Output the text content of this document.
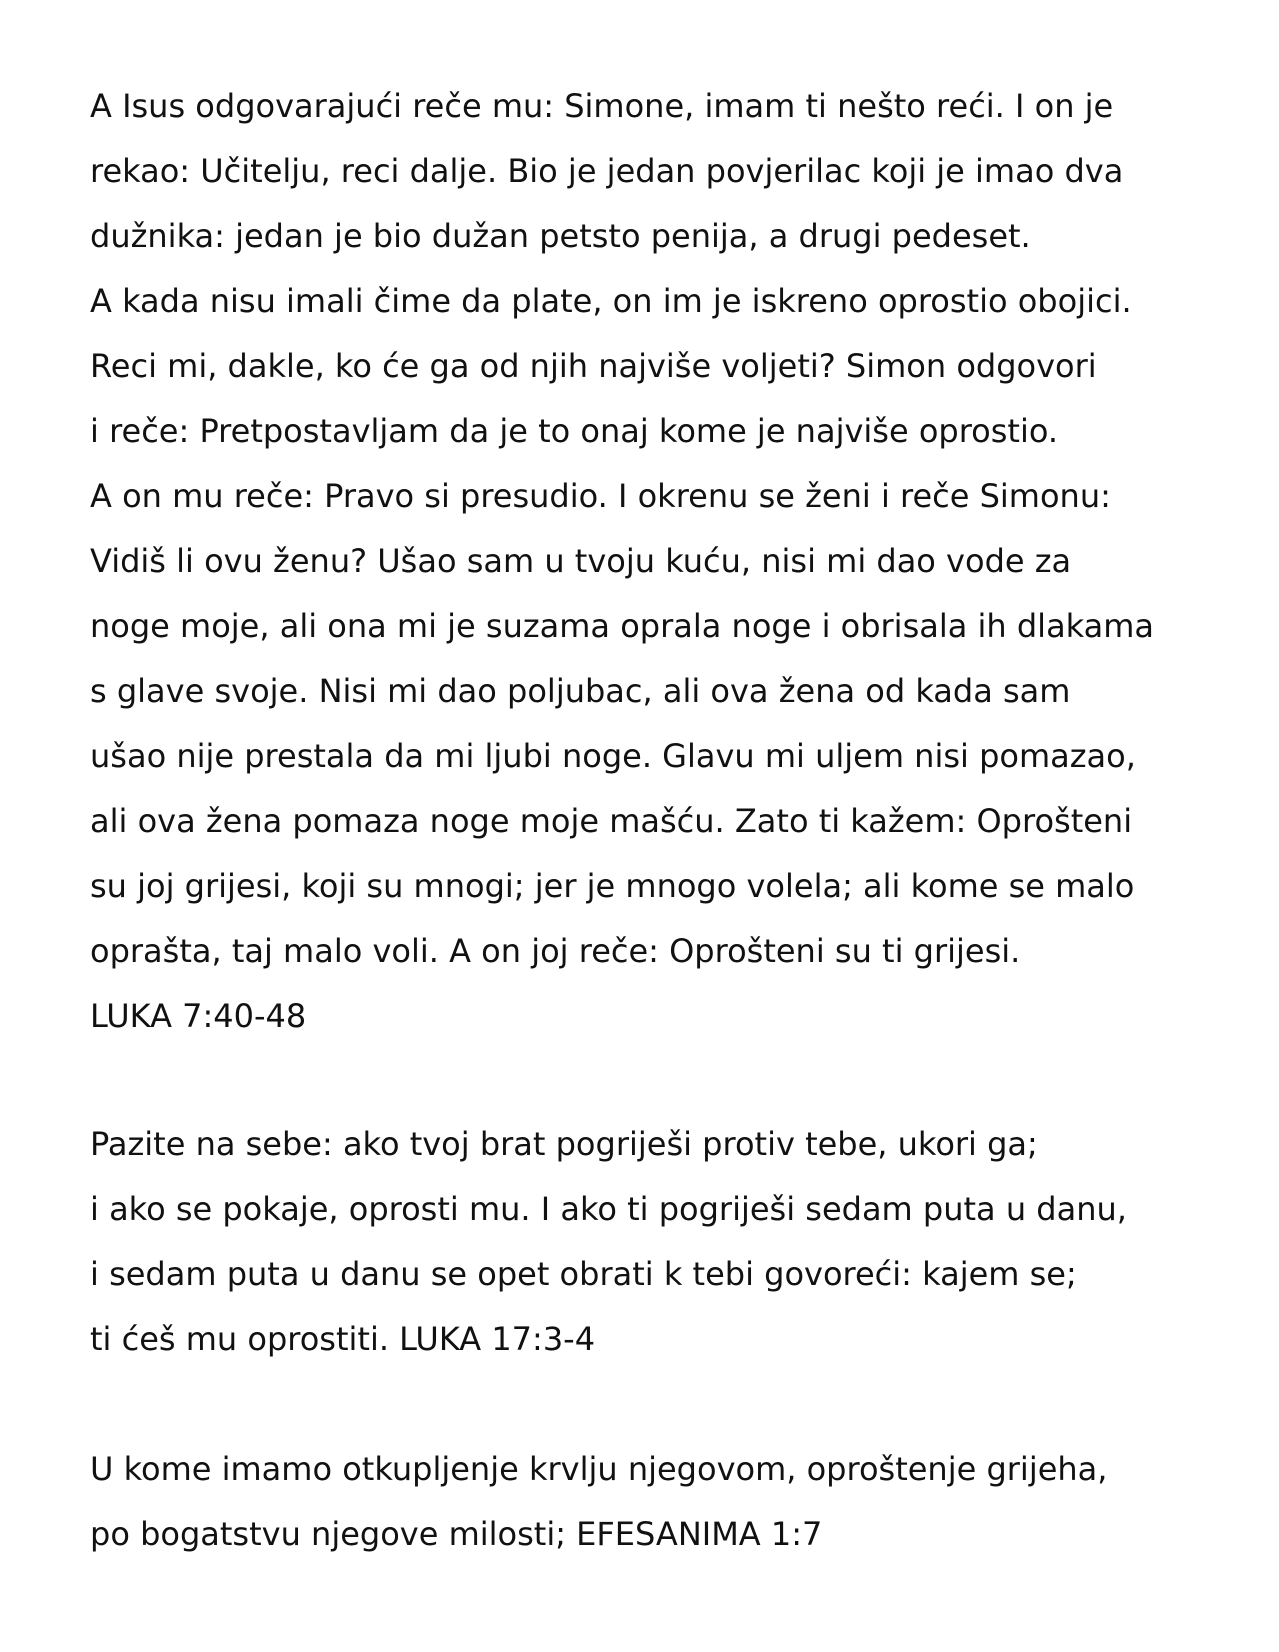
A Isus odgovarajući reče mu: Simone, imam ti nešto reći. I on je
rekao: Učitelju, reci dalje. Bio je jedan povjerilac koji je imao dva
dužnika: jedan je bio dužan petsto penija, a drugi pedeset.
A kada nisu imali čime da plate, on im je iskreno oprostio obojici.
Reci mi, dakle, ko će ga od njih najviše voljeti? Simon odgovori
i reče: Pretpostavljam da je to onaj kome je najviše oprostio.
A on mu reče: Pravo si presudio. I okrenu se ženi i reče Simonu:
Vidiš li ovu ženu? Ušao sam u tvoju kuću, nisi mi dao vode za
noge moje, ali ona mi je suzama oprala noge i obrisala ih dlakama
s glave svoje. Nisi mi dao poljubac, ali ova žena od kada sam
ušao nije prestala da mi ljubi noge. Glavu mi uljem nisi pomazao,
ali ova žena pomaza noge moje mašću. Zato ti kažem: Oprošteni
su joj grijesi, koji su mnogi; jer je mnogo volela; ali kome se malo
oprašta, taj malo voli. A on joj reče: Oprošteni su ti grijesi.
LUKA 7:40-48
Pazite na sebe: ako tvoj brat pogriješi protiv tebe, ukori ga;
i ako se pokaje, oprosti mu. I ako ti pogriješi sedam puta u danu,
i sedam puta u danu se opet obrati k tebi govoreći: kajem se;
ti ćeš mu oprostiti. LUKA 17:3-4
U kome imamo otkupljenje krvlju njegovom, oproštenje grijeha,
po bogatstvu njegove milosti; EFESANIMA 1:7
